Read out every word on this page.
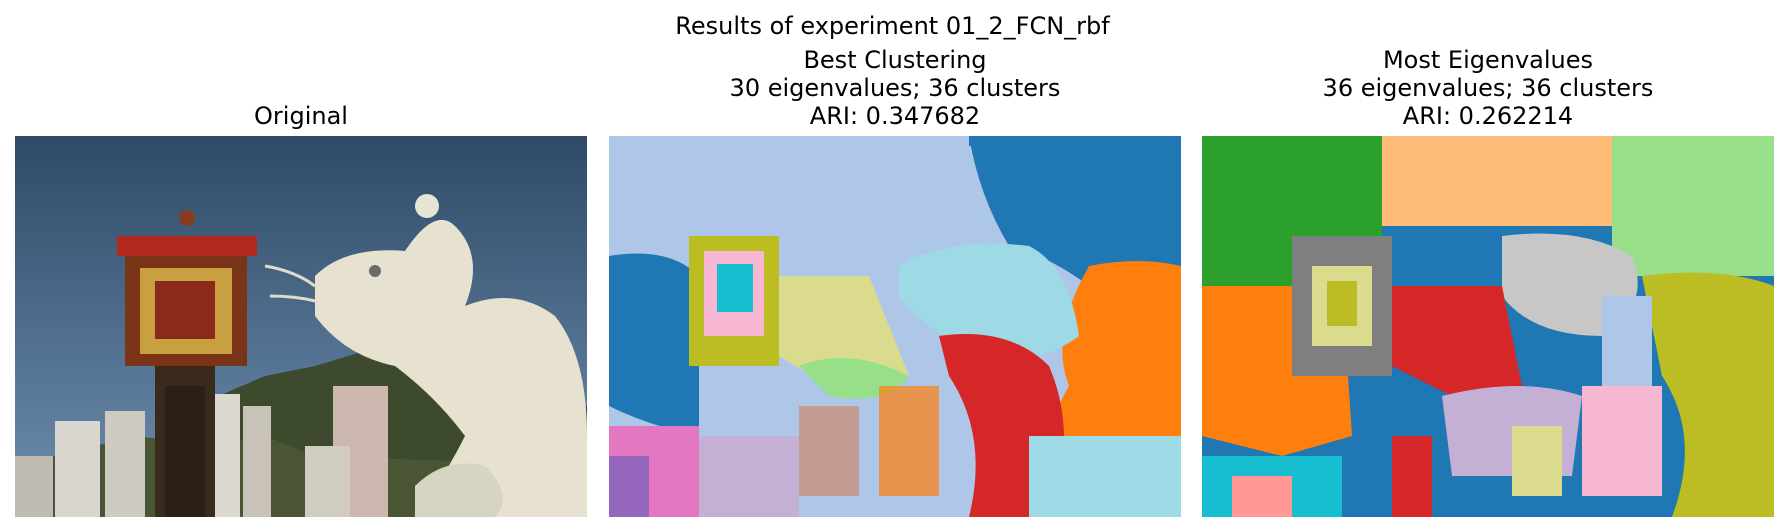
Results of experiment 01_2_FCN_rbf
Original
Best Clustering
30 eigenvalues; 36 clusters
ARI: 0.347682
Most Eigenvalues
36 eigenvalues; 36 clusters
ARI: 0.262214
